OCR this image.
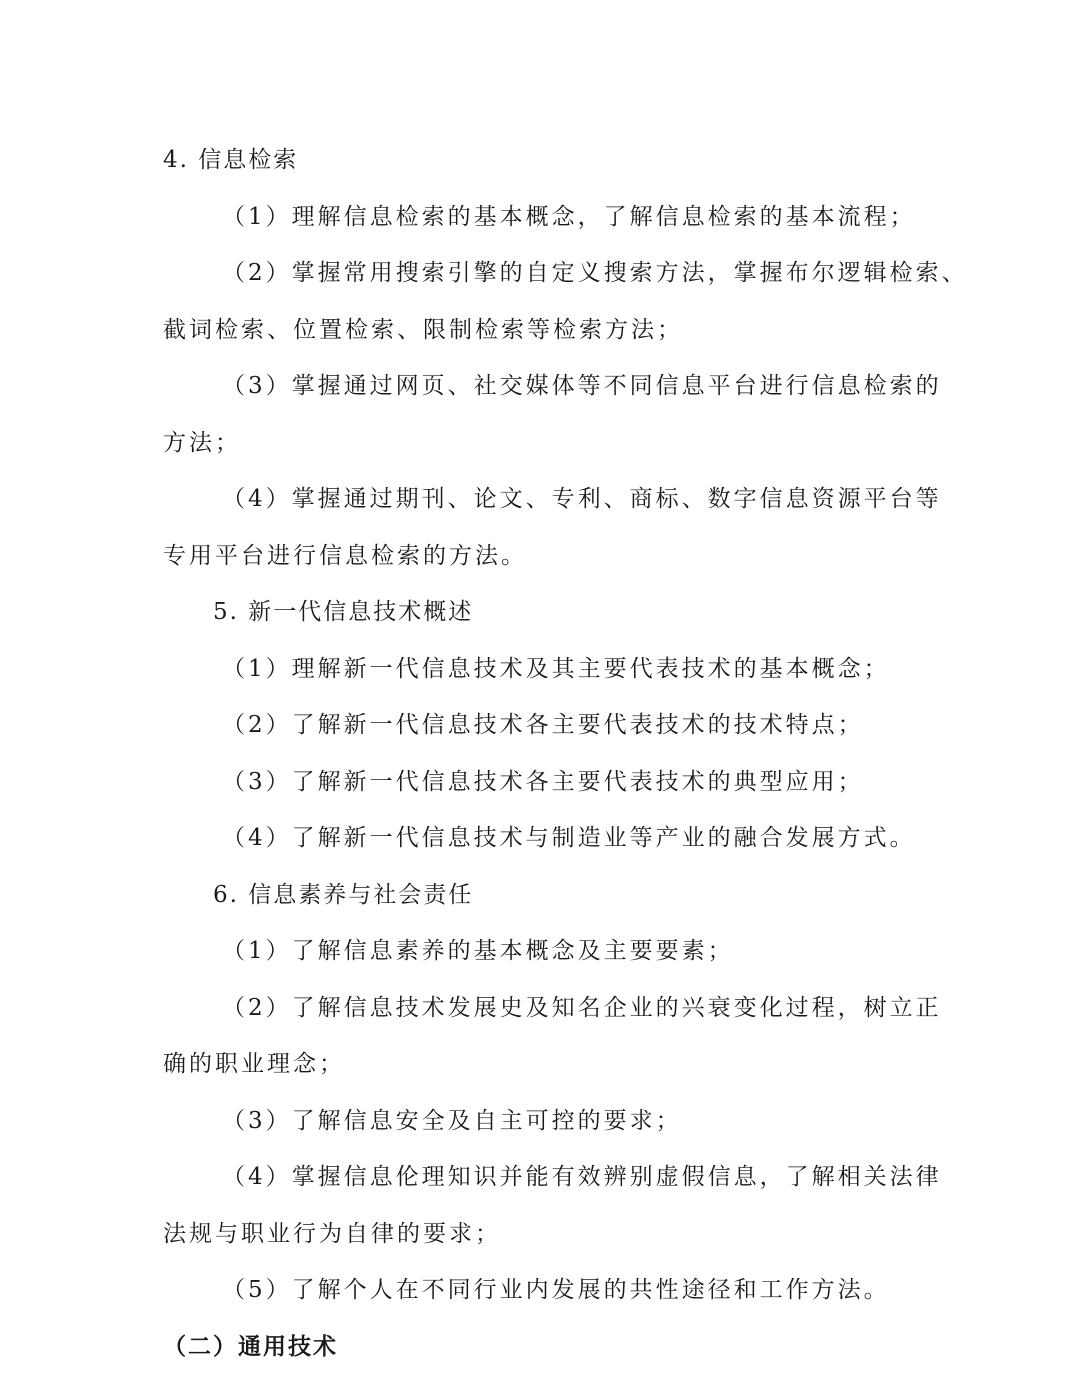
4. 信息检索
（1）理解信息检索的基本概念，了解信息检索的基本流程；
（2）掌握常用搜索引擎的自定义搜索方法，掌握布尔逻辑检索、
截词检索、位置检索、限制检索等检索方法；
（3）掌握通过网页、社交媒体等不同信息平台进行信息检索的
方法；
（4）掌握通过期刊、论文、专利、商标、数字信息资源平台等
专用平台进行信息检索的方法。
5. 新一代信息技术概述
（1）理解新一代信息技术及其主要代表技术的基本概念；
（2）了解新一代信息技术各主要代表技术的技术特点；
（3）了解新一代信息技术各主要代表技术的典型应用；
（4）了解新一代信息技术与制造业等产业的融合发展方式。
6. 信息素养与社会责任
（1）了解信息素养的基本概念及主要要素；
（2）了解信息技术发展史及知名企业的兴衰变化过程，树立正
确的职业理念；
（3）了解信息安全及自主可控的要求；
（4）掌握信息伦理知识并能有效辨别虚假信息，了解相关法律
法规与职业行为自律的要求；
（5）了解个人在不同行业内发展的共性途径和工作方法。
（二）通用技术
